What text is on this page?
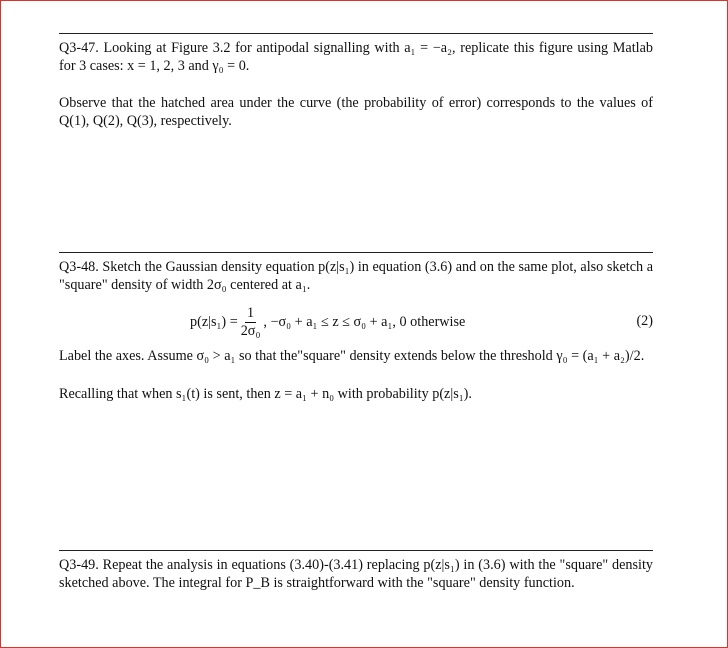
Q3-47. Looking at Figure 3.2 for antipodal signalling with a₁ = −a₂, replicate this figure using Matlab for 3 cases: x = 1, 2, 3 and γ₀ = 0.

Observe that the hatched area under the curve (the probability of error) corresponds to the values of Q(1), Q(2), Q(3), respectively.

Q3-48. Sketch the Gaussian density equation p(z|s₁) in equation (3.6) and on the same plot, also sketch a "square" density of width 2σ₀ centered at a₁.

$p(z|s_1) = \frac{1}{\text{2σ₀}}$ , −σ₀ + a₁ ≤ z ≤ σ₀ + a₁, 0 otherwise	(2)

Label the axes. Assume σ₀ > a₁ so that the"square" density extends below the threshold γ₀ = (a₁ + a₂)/2.

Recalling that when s₁(t) is sent, then z = a₁ + n₀ with probability p(z|s₁).

Q3-49. Repeat the analysis in equations (3.40)-(3.41) replacing p(z|s₁) in (3.6) with the "square" density sketched above. The integral for P_B is straightforward with the "square" density function.
